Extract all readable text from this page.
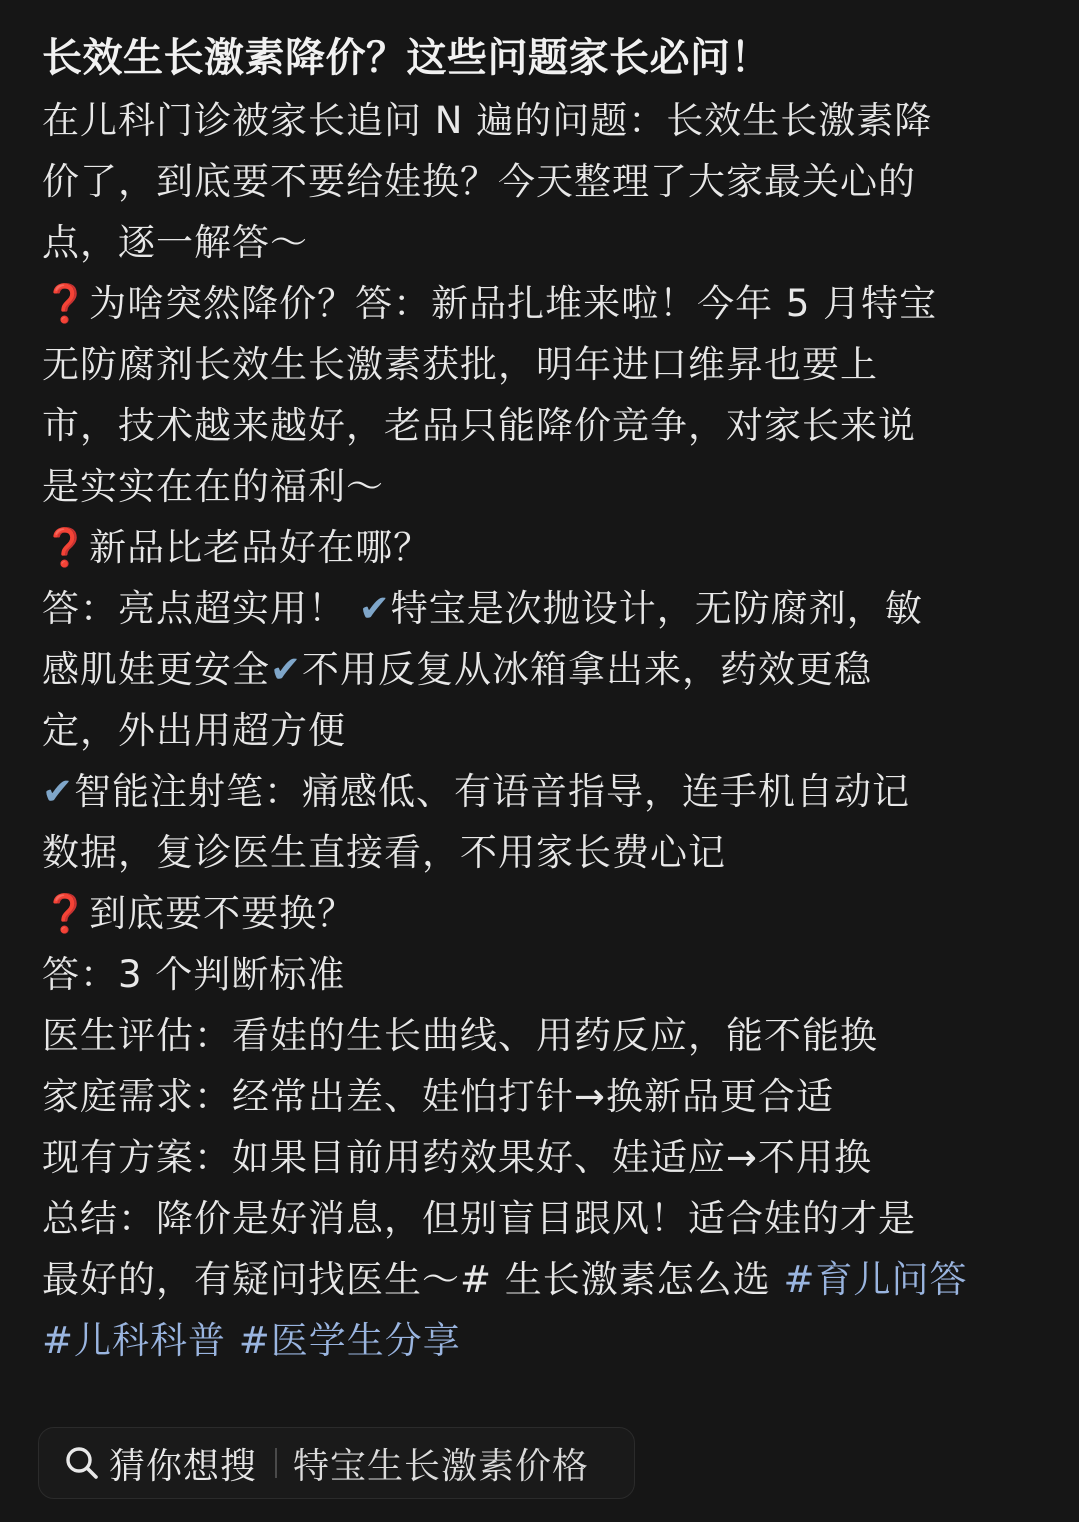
长效生长激素降价？这些问题家长必问！
在儿科门诊被家长追问 N 遍的问题：长效生长激素降
价了，到底要不要给娃换？今天整理了大家最关心的
点，逐一解答～
❓为啥突然降价？答：新品扎堆来啦！今年 5 月特宝
无防腐剂长效生长激素获批，明年进口维昇也要上
市，技术越来越好，老品只能降价竞争，对家长来说
是实实在在的福利～
❓新品比老品好在哪？
答：亮点超实用！ ✔特宝是次抛设计，无防腐剂，敏
感肌娃更安全✔不用反复从冰箱拿出来，药效更稳
定，外出用超方便
✔智能注射笔：痛感低、有语音指导，连手机自动记
数据，复诊医生直接看，不用家长费心记
❓到底要不要换？
答：3 个判断标准
医生评估：看娃的生长曲线、用药反应，能不能换
家庭需求：经常出差、娃怕打针→换新品更合适
现有方案：如果目前用药效果好、娃适应→不用换
总结：降价是好消息，但别盲目跟风！适合娃的才是
最好的，有疑问找医生～# 生长激素怎么选 #育儿问答
#儿科科普 #医学生分享
猜你想搜 特宝生长激素价格
